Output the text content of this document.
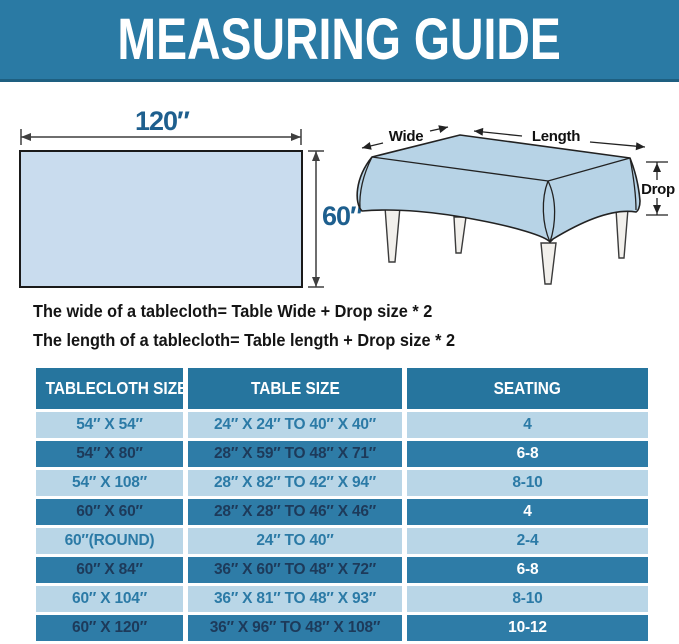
MEASURING GUIDE
120″
60″
Wide	Length
Drop
The wide of a tablecloth= Table Wide + Drop size * 2
The length of a tablecloth= Table length + Drop size * 2
TABLECLOTH SIZE	TABLE SIZE	SEATING
54″ X 54″	24″ X 24″ TO 40″ X 40″	4
54″ X 80″	28″ X 59″ TO 48″ X 71″	6-8
54″ X 108″	28″ X 82″ TO 42″ X 94″	8-10
60″ X 60″	28″ X 28″ TO 46″ X 46″	4
60″(ROUND)	24″ TO 40″	2-4
60″ X 84″	36″ X 60″ TO 48″ X 72″	6-8
60″ X 104″	36″ X 81″ TO 48″ X 93″	8-10
60″ X 120″	36″ X 96″ TO 48″ X 108″	10-12
